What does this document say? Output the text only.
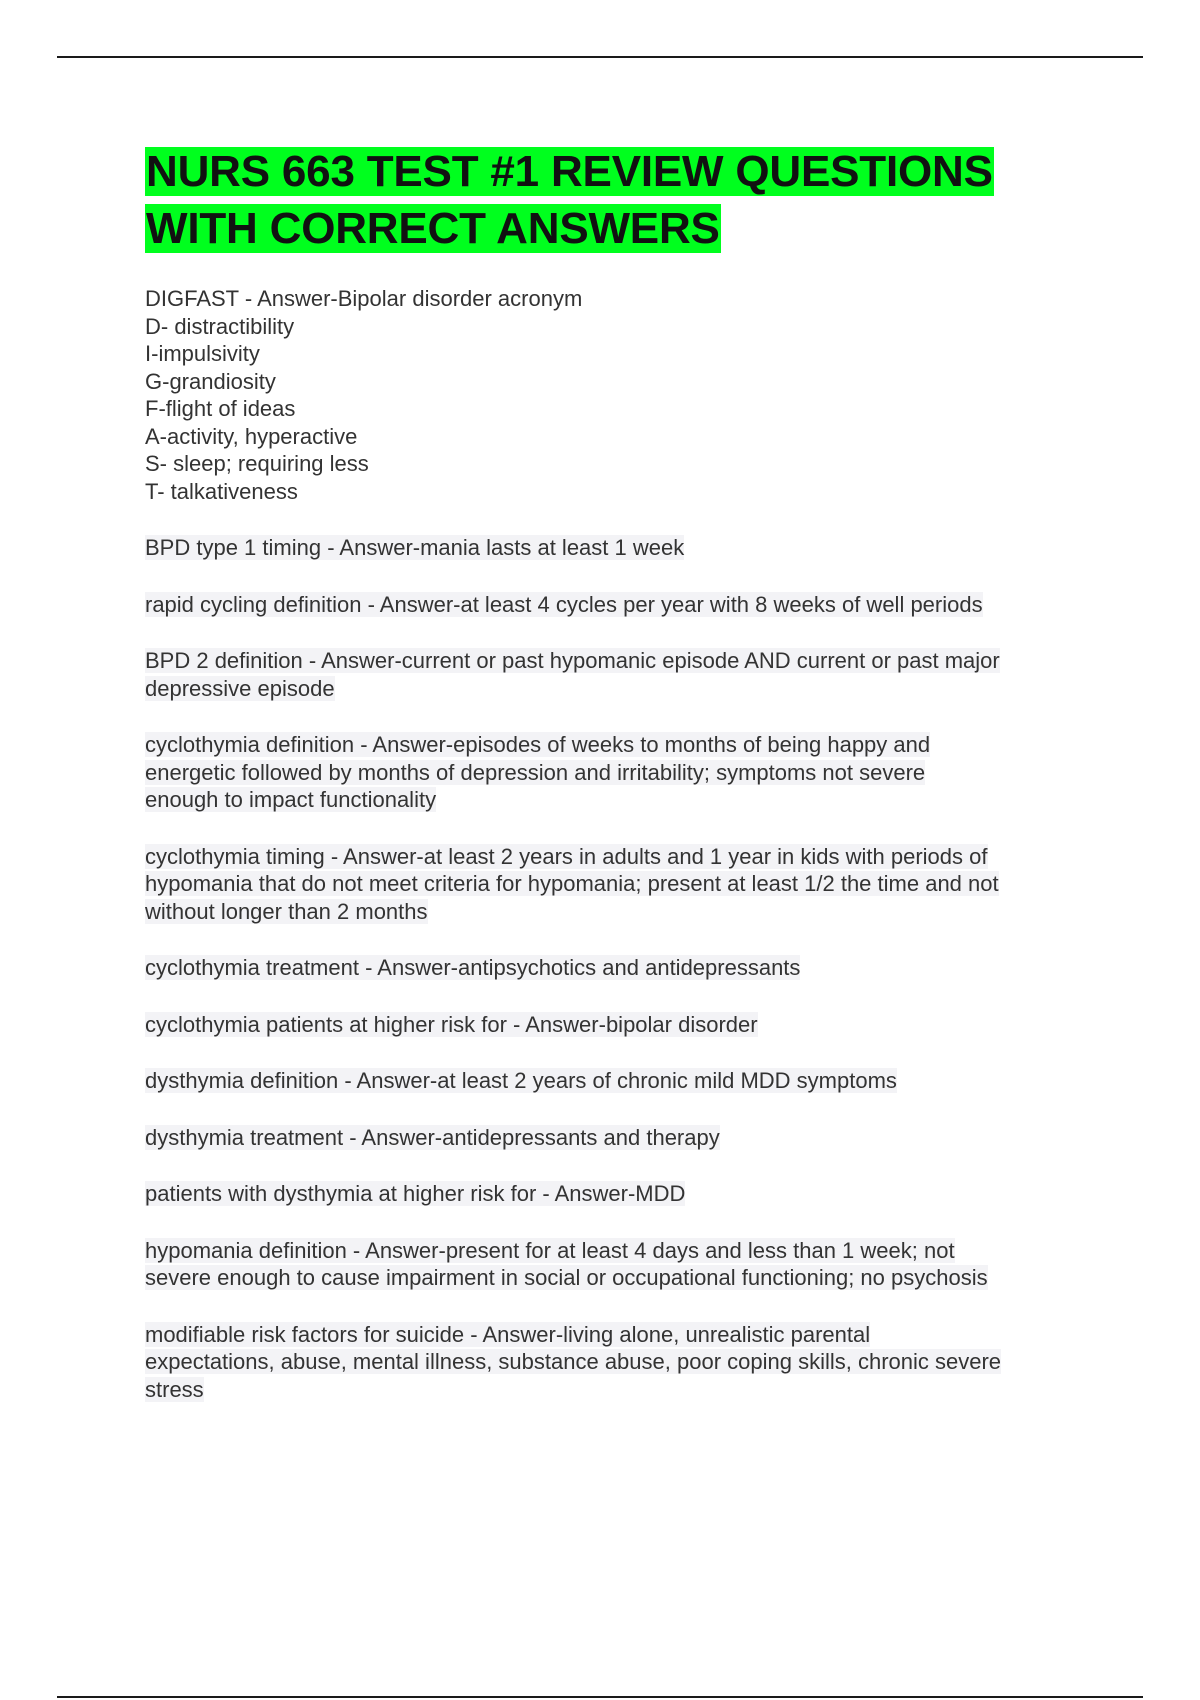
NURS 663 TEST #1 REVIEW QUESTIONS
WITH CORRECT ANSWERS

DIGFAST - Answer-Bipolar disorder acronym
D- distractibility
I-impulsivity
G-grandiosity
F-flight of ideas
A-activity, hyperactive
S- sleep; requiring less
T- talkativeness

BPD type 1 timing - Answer-mania lasts at least 1 week

rapid cycling definition - Answer-at least 4 cycles per year with 8 weeks of well periods

BPD 2 definition - Answer-current or past hypomanic episode AND current or past major
depressive episode

cyclothymia definition - Answer-episodes of weeks to months of being happy and
energetic followed by months of depression and irritability; symptoms not severe
enough to impact functionality

cyclothymia timing - Answer-at least 2 years in adults and 1 year in kids with periods of
hypomania that do not meet criteria for hypomania; present at least 1/2 the time and not
without longer than 2 months

cyclothymia treatment - Answer-antipsychotics and antidepressants

cyclothymia patients at higher risk for - Answer-bipolar disorder

dysthymia definition - Answer-at least 2 years of chronic mild MDD symptoms

dysthymia treatment - Answer-antidepressants and therapy

patients with dysthymia at higher risk for - Answer-MDD

hypomania definition - Answer-present for at least 4 days and less than 1 week; not
severe enough to cause impairment in social or occupational functioning; no psychosis

modifiable risk factors for suicide - Answer-living alone, unrealistic parental
expectations, abuse, mental illness, substance abuse, poor coping skills, chronic severe
stress
